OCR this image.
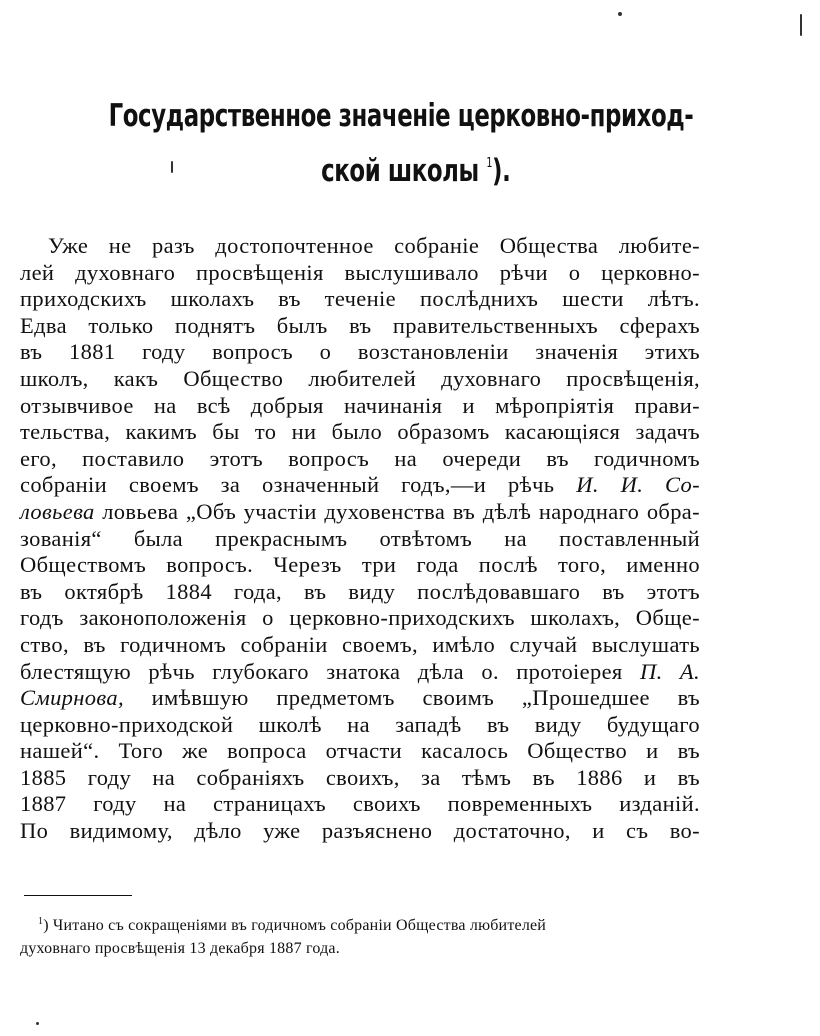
Государственное значеніе церковно-приход-
ской школы $^1$).
Уже не разъ достопочтенное собраніе Общества любите-
лей духовнаго просвѣщенія выслушивало рѣчи о церковно-
приходскихъ школахъ въ теченіе послѣднихъ шести лѣтъ.
Едва только поднятъ былъ въ правительственныхъ сферахъ
въ 1881 году вопросъ о возстановленіи значенія этихъ
школъ, какъ Общество любителей духовнаго просвѣщенія,
отзывчивое на всѣ добрыя начинанія и мѣропріятія прави-
тельства, какимъ бы то ни было образомъ касающіяся задачъ
его, поставило этотъ вопросъ на очереди въ годичномъ
собраніи своемъ за означенный годъ,—и рѣчь И. И. Со-
ловьева ловьева „Объ участіи духовенства въ дѣлѣ народнаго обра-
зованія“ была прекраснымъ отвѣтомъ на поставленный
Обществомъ вопросъ. Черезъ три года послѣ того, именно
въ октябрѣ 1884 года, въ виду послѣдовавшаго въ этотъ
годъ законоположенія о церковно-приходскихъ школахъ, Обще-
ство, въ годичномъ собраніи своемъ, имѣло случай выслушать
блестящую рѣчь глубокаго знатока дѣла о. протоіерея П. А.
Смирнова, имѣвшую предметомъ своимъ „Прошедшее въ
церковно-приходской школѣ на западѣ въ виду будущаго
нашей“. Того же вопроса отчасти касалось Общество и въ
1885 году на собраніяхъ своихъ, за тѣмъ въ 1886 и въ
1887 году на страницахъ своихъ повременныхъ изданій.
По видимому, дѣло уже разъяснено достаточно, и съ во-
$^1$) Читано съ сокращеніями въ годичномъ собраніи Общества любителей
духовнаго просвѣщенія 13 декабря 1887 года.
